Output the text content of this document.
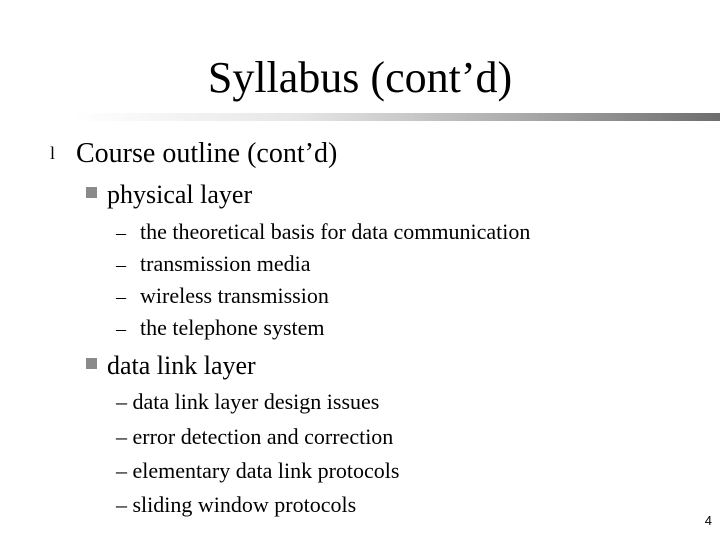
Syllabus (cont’d)
l Course outline (cont’d)
physical layer
– the theoretical basis for data communication
– transmission media
– wireless transmission
– the telephone system
data link layer
– data link layer design issues
– error detection and correction
– elementary data link protocols
– sliding window protocols
4
